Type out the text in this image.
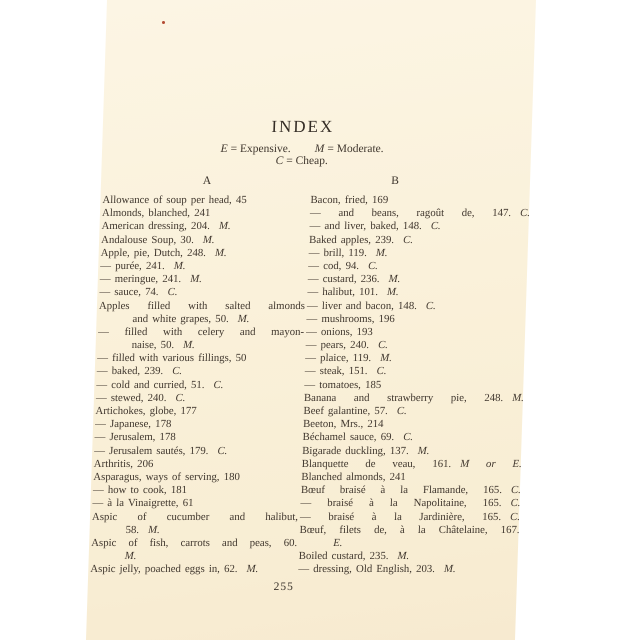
INDEX
E = Expensive. M = Moderate.
C = Cheap.
A	B
Allowance of soup per head, 45
Almonds, blanched, 241
American dressing, 204. M.
Andalouse Soup, 30. M.
Apple, pie, Dutch, 248. M.
— purée, 241. M.
— meringue, 241. M.
— sauce, 74. C.
Apples filled with salted almonds
and white grapes, 50. M.
— filled with celery and mayon-
naise, 50. M.
— filled with various fillings, 50
— baked, 239. C.
— cold and curried, 51. C.
— stewed, 240. C.
Artichokes, globe, 177
— Japanese, 178
— Jerusalem, 178
— Jerusalem sautés, 179. C.
Arthritis, 206
Asparagus, ways of serving, 180
— how to cook, 181
— à la Vinaigrette, 61
Aspic of cucumber and halibut,
58. M.
Aspic of fish, carrots and peas, 60.
M.
Aspic jelly, poached eggs in, 62. M.
Bacon, fried, 169
— and beans, ragoût de, 147. C.
— and liver, baked, 148. C.
Baked apples, 239. C.
— brill, 119. M.
— cod, 94. C.
— custard, 236. M.
— halibut, 101. M.
— liver and bacon, 148. C.
— mushrooms, 196
— onions, 193
— pears, 240. C.
— plaice, 119. M.
— steak, 151. C.
— tomatoes, 185
Banana and strawberry pie, 248. M.
Beef galantine, 57. C.
Beeton, Mrs., 214
Béchamel sauce, 69. C.
Bigarade duckling, 137. M.
Blanquette de veau, 161. M or E.
Blanched almonds, 241
Bœuf braisé à la Flamande, 165. C.
— braisé à la Napolitaine, 165. C.
— braisé à la Jardinière, 165. C.
Bœuf, filets de, à la Châtelaine, 167.
E.
Boiled custard, 235. M.
— dressing, Old English, 203. M.
255
